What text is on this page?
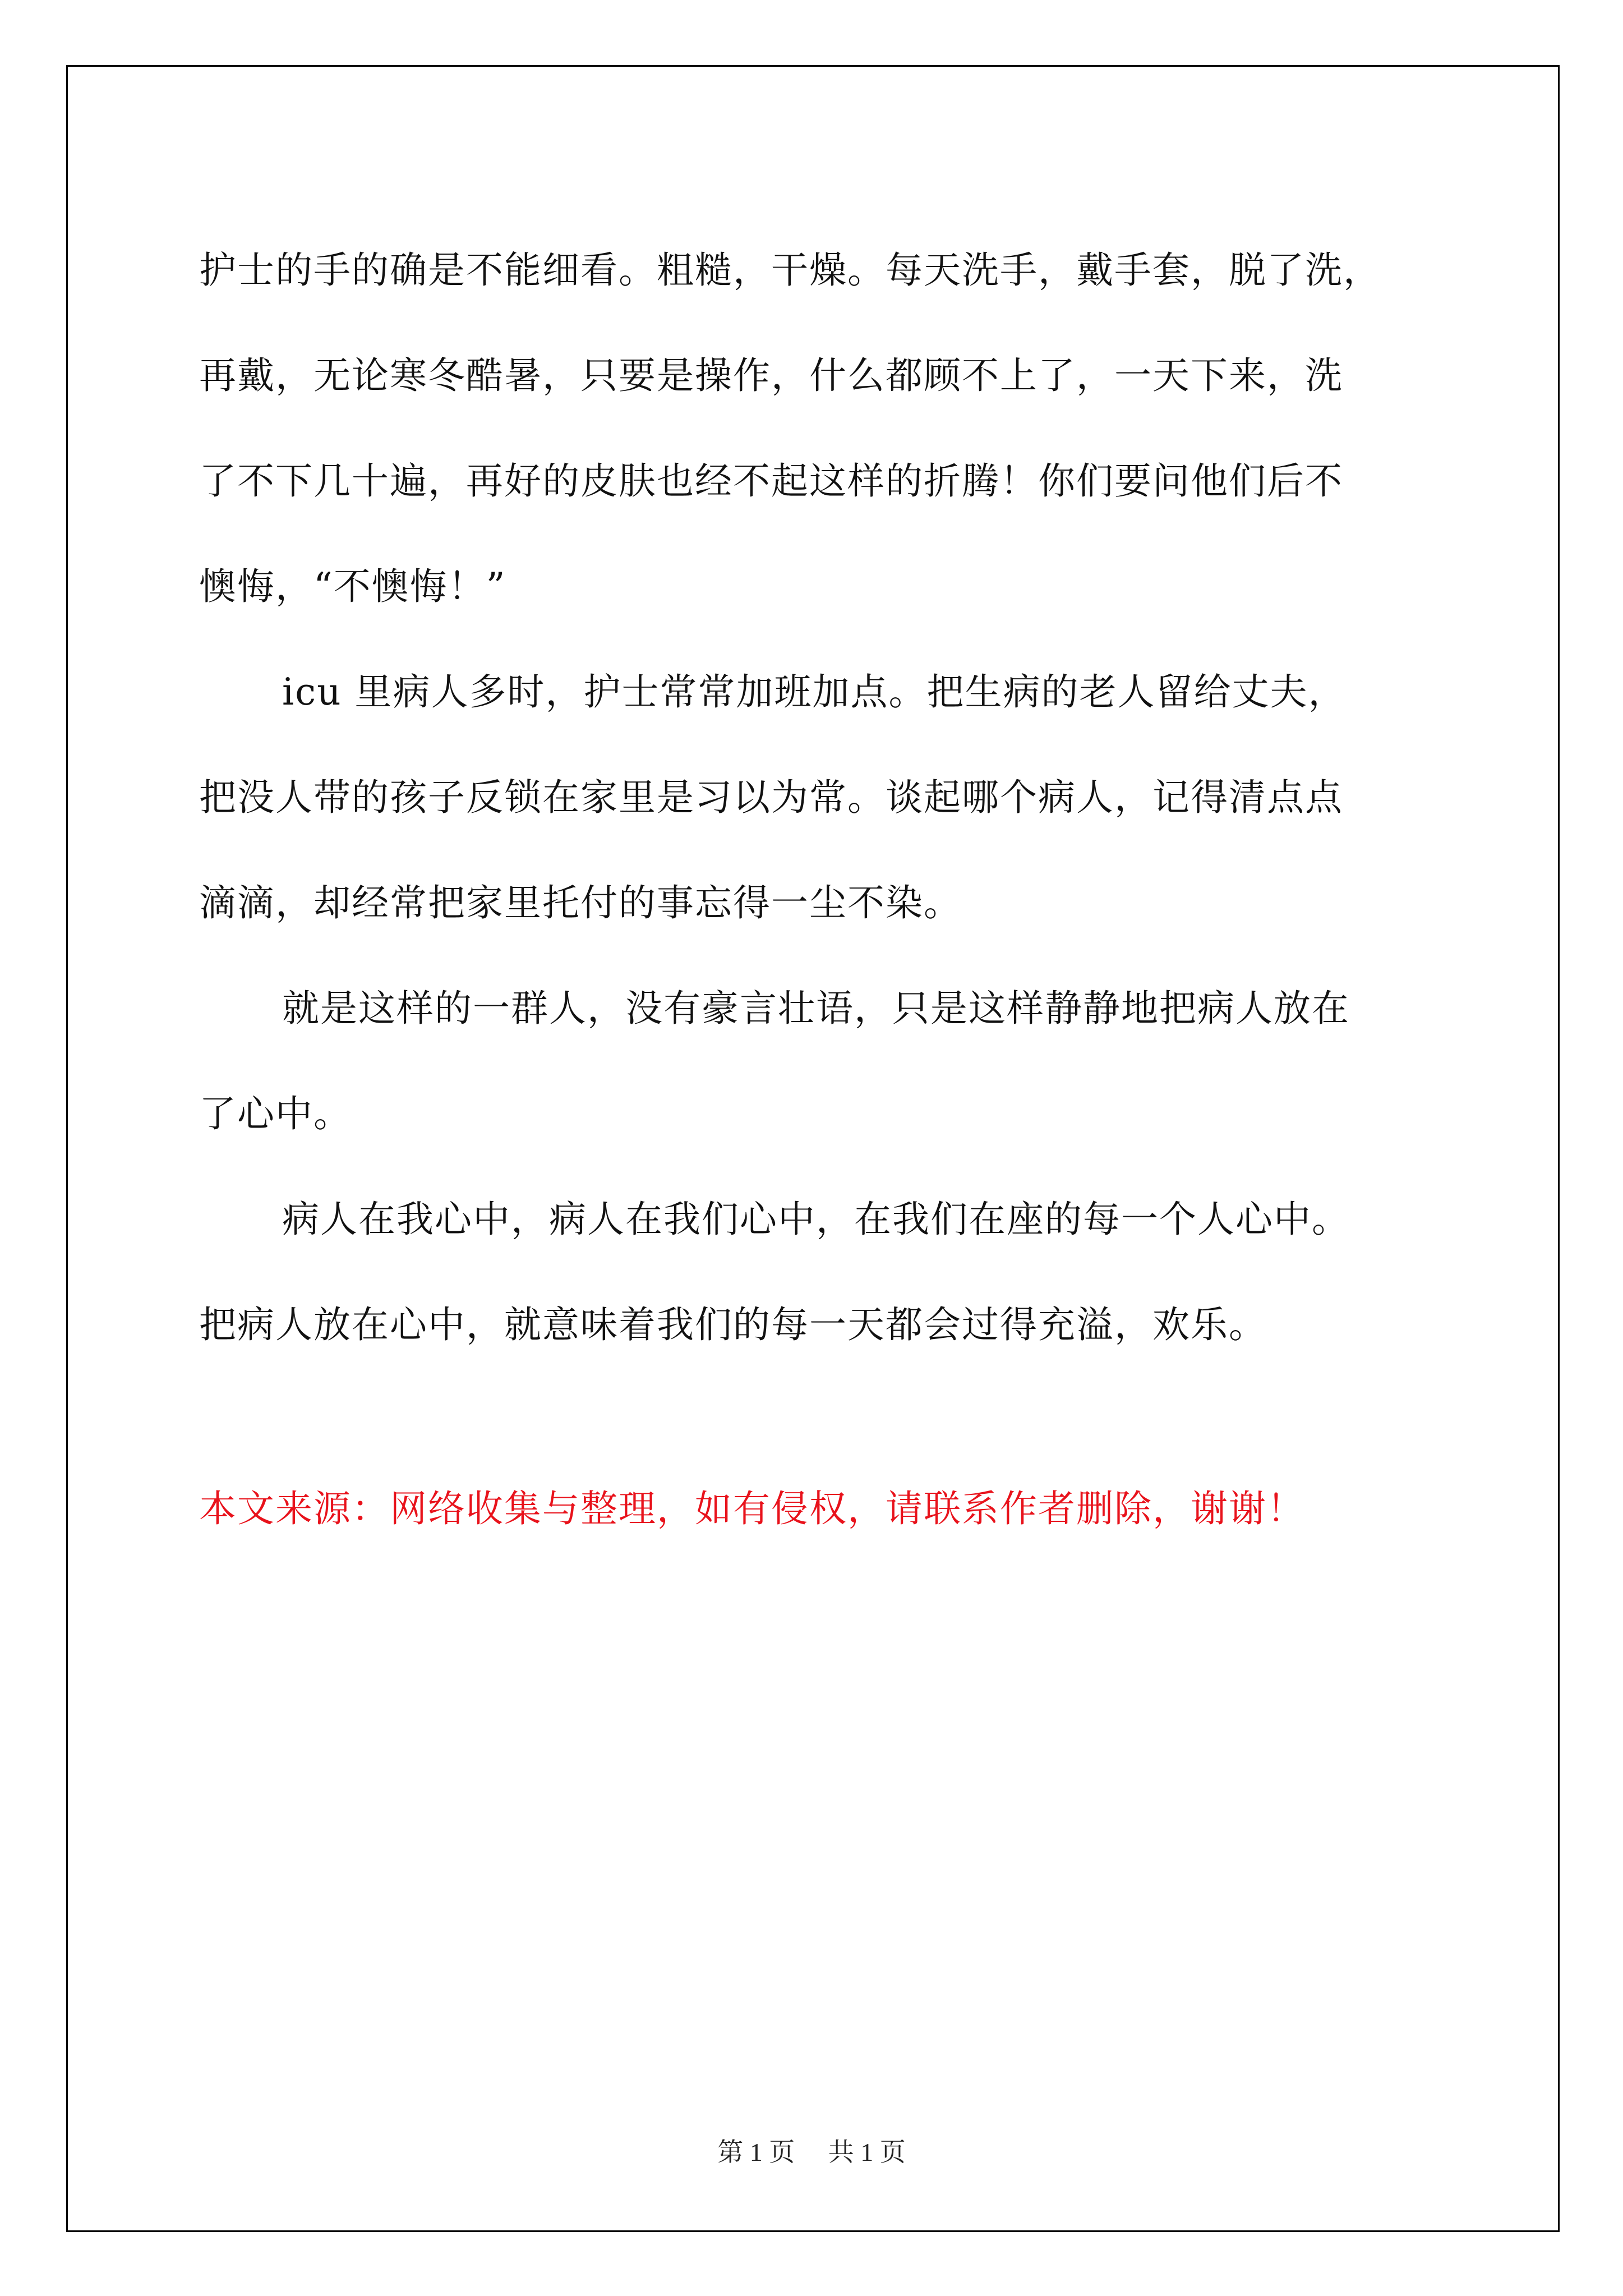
护士的手的确是不能细看。粗糙，干燥。每天洗手，戴手套，脱了洗，
再戴，无论寒冬酷暑，只要是操作，什么都顾不上了，一天下来，洗
了不下几十遍，再好的皮肤也经不起这样的折腾！你们要问他们后不
懊悔，“不懊悔！”

icu 里病人多时，护士常常加班加点。把生病的老人留给丈夫，
把没人带的孩子反锁在家里是习以为常。谈起哪个病人，记得清点点
滴滴，却经常把家里托付的事忘得一尘不染。

就是这样的一群人，没有豪言壮语，只是这样静静地把病人放在
了心中。

病人在我心中，病人在我们心中，在我们在座的每一个人心中。
把病人放在心中，就意味着我们的每一天都会过得充溢，欢乐。

本文来源：网络收集与整理，如有侵权，请联系作者删除，谢谢！

第 1 页 共 1 页
